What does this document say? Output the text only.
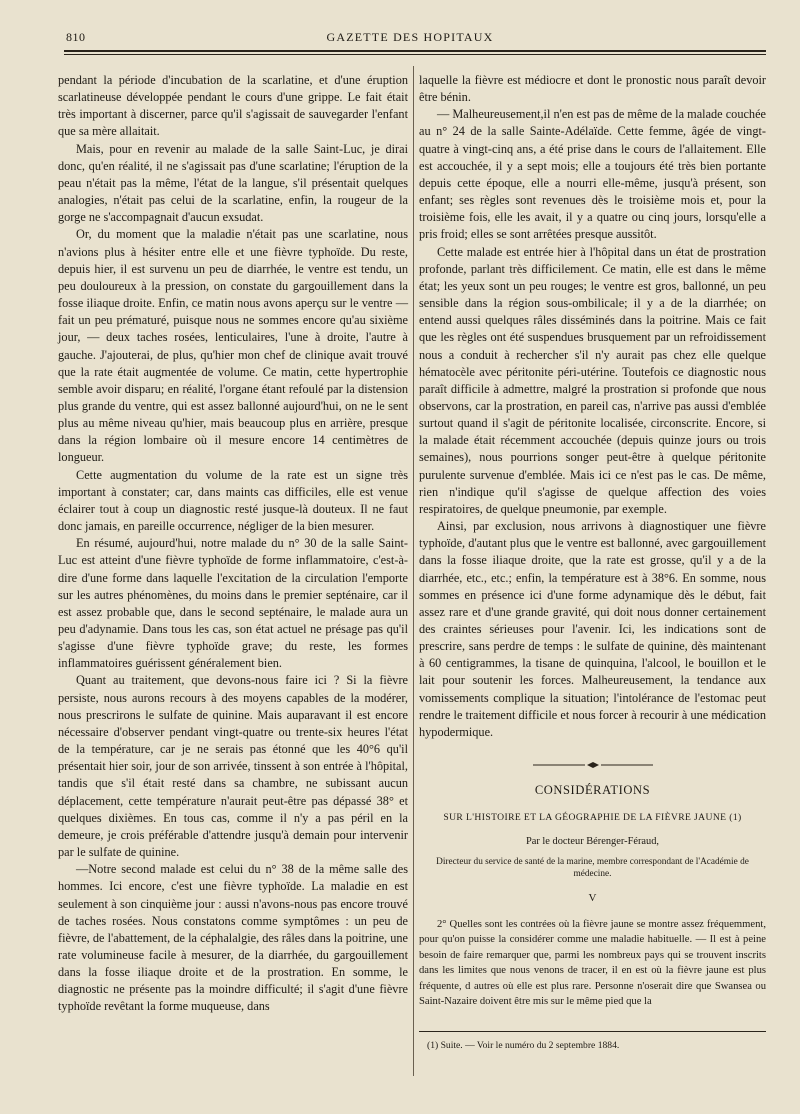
810	GAZETTE DES HOPITAUX

pendant la période d'incubation de la scarlatine, et d'une éruption scarlatineuse développée pendant le cours d'une grippe. Le fait était très important à discerner, parce qu'il s'agissait de sauvegarder l'enfant que sa mère allaitait.

Mais, pour en revenir au malade de la salle Saint-Luc, je dirai donc, qu'en réalité, il ne s'agissait pas d'une scarlatine; l'éruption de la peau n'était pas la même, l'état de la langue, s'il présentait quelques analogies, n'était pas celui de la scarlatine, enfin, la rougeur de la gorge ne s'accompagnait d'aucun exsudat.

Or, du moment que la maladie n'était pas une scarlatine, nous n'avions plus à hésiter entre elle et une fièvre typhoïde. Du reste, depuis hier, il est survenu un peu de diarrhée, le ventre est tendu, un peu douloureux à la pression, on constate du gargouillement dans la fosse iliaque droite. Enfin, ce matin nous avons aperçu sur le ventre — fait un peu prématuré, puisque nous ne sommes encore qu'au sixième jour, — deux taches rosées, lenticulaires, l'une à droite, l'autre à gauche. J'ajouterai, de plus, qu'hier mon chef de clinique avait trouvé que la rate était augmentée de volume. Ce matin, cette hypertrophie semble avoir disparu; en réalité, l'organe étant refoulé par la distension plus grande du ventre, qui est assez ballonné aujourd'hui, on ne le sent plus au même niveau qu'hier, mais beaucoup plus en arrière, presque dans la région lombaire où il mesure encore 14 centimètres de longueur.

Cette augmentation du volume de la rate est un signe très important à constater; car, dans maints cas difficiles, elle est venue éclairer tout à coup un diagnostic resté jusque-là douteux. Il ne faut donc jamais, en pareille occurrence, négliger de la bien mesurer.

En résumé, aujourd'hui, notre malade du n° 30 de la salle Saint-Luc est atteint d'une fièvre typhoïde de forme inflammatoire, c'est-à-dire d'une forme dans laquelle l'excitation de la circulation l'emporte sur les autres phénomènes, du moins dans le premier septénaire, car il est assez probable que, dans le second septénaire, le malade aura un peu d'adynamie. Dans tous les cas, son état actuel ne présage pas qu'il s'agisse d'une fièvre typhoïde grave; du reste, les formes inflammatoires guérissent généralement bien.

Quant au traitement, que devons-nous faire ici ? Si la fièvre persiste, nous aurons recours à des moyens capables de la modérer, nous prescrirons le sulfate de quinine. Mais auparavant il est encore nécessaire d'observer pendant vingt-quatre ou trente-six heures l'état de la température, car je ne serais pas étonné que les 40°6 qu'il présentait hier soir, jour de son arrivée, tinssent à son entrée à l'hôpital, tandis que s'il était resté dans sa chambre, ne subissant aucun déplacement, cette température n'aurait peut-être pas dépassé 38° et quelques dixièmes. En tous cas, comme il n'y a pas péril en la demeure, je crois préférable d'attendre jusqu'à demain pour intervenir par le sulfate de quinine.

—Notre second malade est celui du n° 38 de la même salle des hommes. Ici encore, c'est une fièvre typhoïde. La maladie en est seulement à son cinquième jour : aussi n'avons-nous pas encore trouvé de taches rosées. Nous constatons comme symptômes : un peu de fièvre, de l'abattement, de la céphalalgie, des râles dans la poitrine, une rate volumineuse facile à mesurer, de la diarrhée, du gargouillement dans la fosse iliaque droite et de la prostration. En somme, le diagnostic ne présente pas la moindre difficulté; il s'agit d'une fièvre typhoïde revêtant la forme muqueuse, dans

laquelle la fièvre est médiocre et dont le pronostic nous paraît devoir être bénin.

— Malheureusement,il n'en est pas de même de la malade couchée au n° 24 de la salle Sainte-Adélaïde. Cette femme, âgée de vingt-quatre à vingt-cinq ans, a été prise dans le cours de l'allaitement. Elle est accouchée, il y a sept mois; elle a toujours été très bien portante depuis cette époque, elle a nourri elle-même, jusqu'à présent, son enfant; ses règles sont revenues dès le troisième mois et, pour la troisième fois, elle les avait, il y a quatre ou cinq jours, lorsqu'elle a pris froid; elles se sont arrêtées presque aussitôt.

Cette malade est entrée hier à l'hôpital dans un état de prostration profonde, parlant très difficilement. Ce matin, elle est dans le même état; les yeux sont un peu rouges; le ventre est gros, ballonné, un peu sensible dans la région sous-ombilicale; il y a de la diarrhée; on entend aussi quelques râles disséminés dans la poitrine. Mais ce fait que les règles ont été suspendues brusquement par un refroidissement nous a conduit à rechercher s'il n'y aurait pas chez elle quelque hématocèle avec péritonite péri-utérine. Toutefois ce diagnostic nous paraît difficile à admettre, malgré la prostration si profonde que nous observons, car la prostration, en pareil cas, n'arrive pas aussi d'emblée surtout quand il s'agit de péritonite localisée, circonscrite. Encore, si la malade était récemment accouchée (depuis quinze jours ou trois semaines), nous pourrions songer peut-être à quelque péritonite purulente survenue d'emblée. Mais ici ce n'est pas le cas. De même, rien n'indique qu'il s'agisse de quelque affection des voies respiratoires, de quelque pneumonie, par exemple.

Ainsi, par exclusion, nous arrivons à diagnostiquer une fièvre typhoïde, d'autant plus que le ventre est ballonné, avec gargouillement dans la fosse iliaque droite, que la rate est grosse, qu'il y a de la diarrhée, etc., etc.; enfin, la température est à 38°6. En somme, nous sommes en présence ici d'une forme adynamique dès le début, fait assez rare et d'une grande gravité, qui doit nous donner certainement des craintes sérieuses pour l'avenir. Ici, les indications sont de prescrire, sans perdre de temps : le sulfate de quinine, dès maintenant à 60 centigrammes, la tisane de quinquina, l'alcool, le bouillon et le lait pour soutenir les forces. Malheureusement, la tendance aux vomissements complique la situation; l'intolérance de l'estomac peut rendre le traitement difficile et nous forcer à recourir à une médication hypodermique.

CONSIDÉRATIONS
SUR L'HISTOIRE ET LA GÉOGRAPHIE DE LA FIÈVRE JAUNE (1)
Par le docteur Bérenger-Féraud,
Directeur du service de santé de la marine, membre correspondant de l'Académie de médecine.
V

2° Quelles sont les contrées où la fièvre jaune se montre assez fréquemment, pour qu'on puisse la considérer comme une maladie habituelle. — Il est à peine besoin de faire remarquer que, parmi les nombreux pays qui se trouvent inscrits dans les limites que nous venons de tracer, il en est où la fièvre jaune est plus fréquente, d autres où elle est plus rare. Personne n'oserait dire que Swansea ou Saint-Nazaire doivent être mis sur le même pied que la

(1) Suite. — Voir le numéro du 2 septembre 1884.
